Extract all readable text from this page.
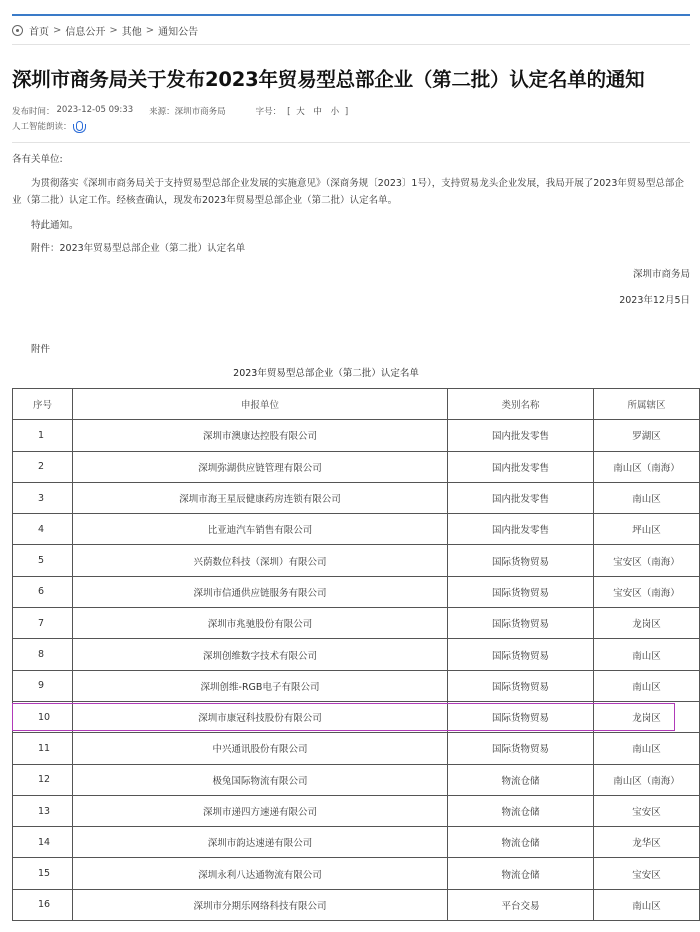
首页 > 信息公开 > 其他 > 通知公告
深圳市商务局关于发布2023年贸易型总部企业（第二批）认定名单的通知
发布时间： 2023-12-05 09:33 来源： 深圳市商务局	字号： [ 大 中 小 ]
人工智能朗读：

各有关单位:

为贯彻落实《深圳市商务局关于支持贸易型总部企业发展的实施意见》（深商务规〔2023〕1号），支持贸易龙头企业发展，我局开展了2023年贸易型总部企业（第二批）认定工作。经核查确认，现发布2023年贸易型总部企业（第二批）认定名单。

特此通知。

附件：2023年贸易型总部企业（第二批）认定名单

深圳市商务局

2023年12月5日

附件

2023年贸易型总部企业（第二批）认定名单

序号	申报单位	类别名称	所属辖区
1	深圳市澳康达控股有限公司	国内批发零售	罗湖区
2	深圳弥湖供应链管理有限公司	国内批发零售	南山区（南海）
3	深圳市海王星辰健康药房连锁有限公司	国内批发零售	南山区
4	比亚迪汽车销售有限公司	国内批发零售	坪山区
5	兴荫数位科技（深圳）有限公司	国际货物贸易	宝安区（南海）
6	深圳市信通供应链服务有限公司	国际货物贸易	宝安区（南海）
7	深圳市兆驰股份有限公司	国际货物贸易	龙岗区
8	深圳创维数字技术有限公司	国际货物贸易	南山区
9	深圳创维-RGB电子有限公司	国际货物贸易	南山区
10	深圳市康冠科技股份有限公司	国际货物贸易	龙岗区
11	中兴通讯股份有限公司	国际货物贸易	南山区
12	极兔国际物流有限公司	物流仓储	南山区（南海）
13	深圳市递四方速递有限公司	物流仓储	宝安区
14	深圳市韵达速递有限公司	物流仓储	龙华区
15	深圳永利八达通物流有限公司	物流仓储	宝安区
16	深圳市分期乐网络科技有限公司	平台交易	南山区
